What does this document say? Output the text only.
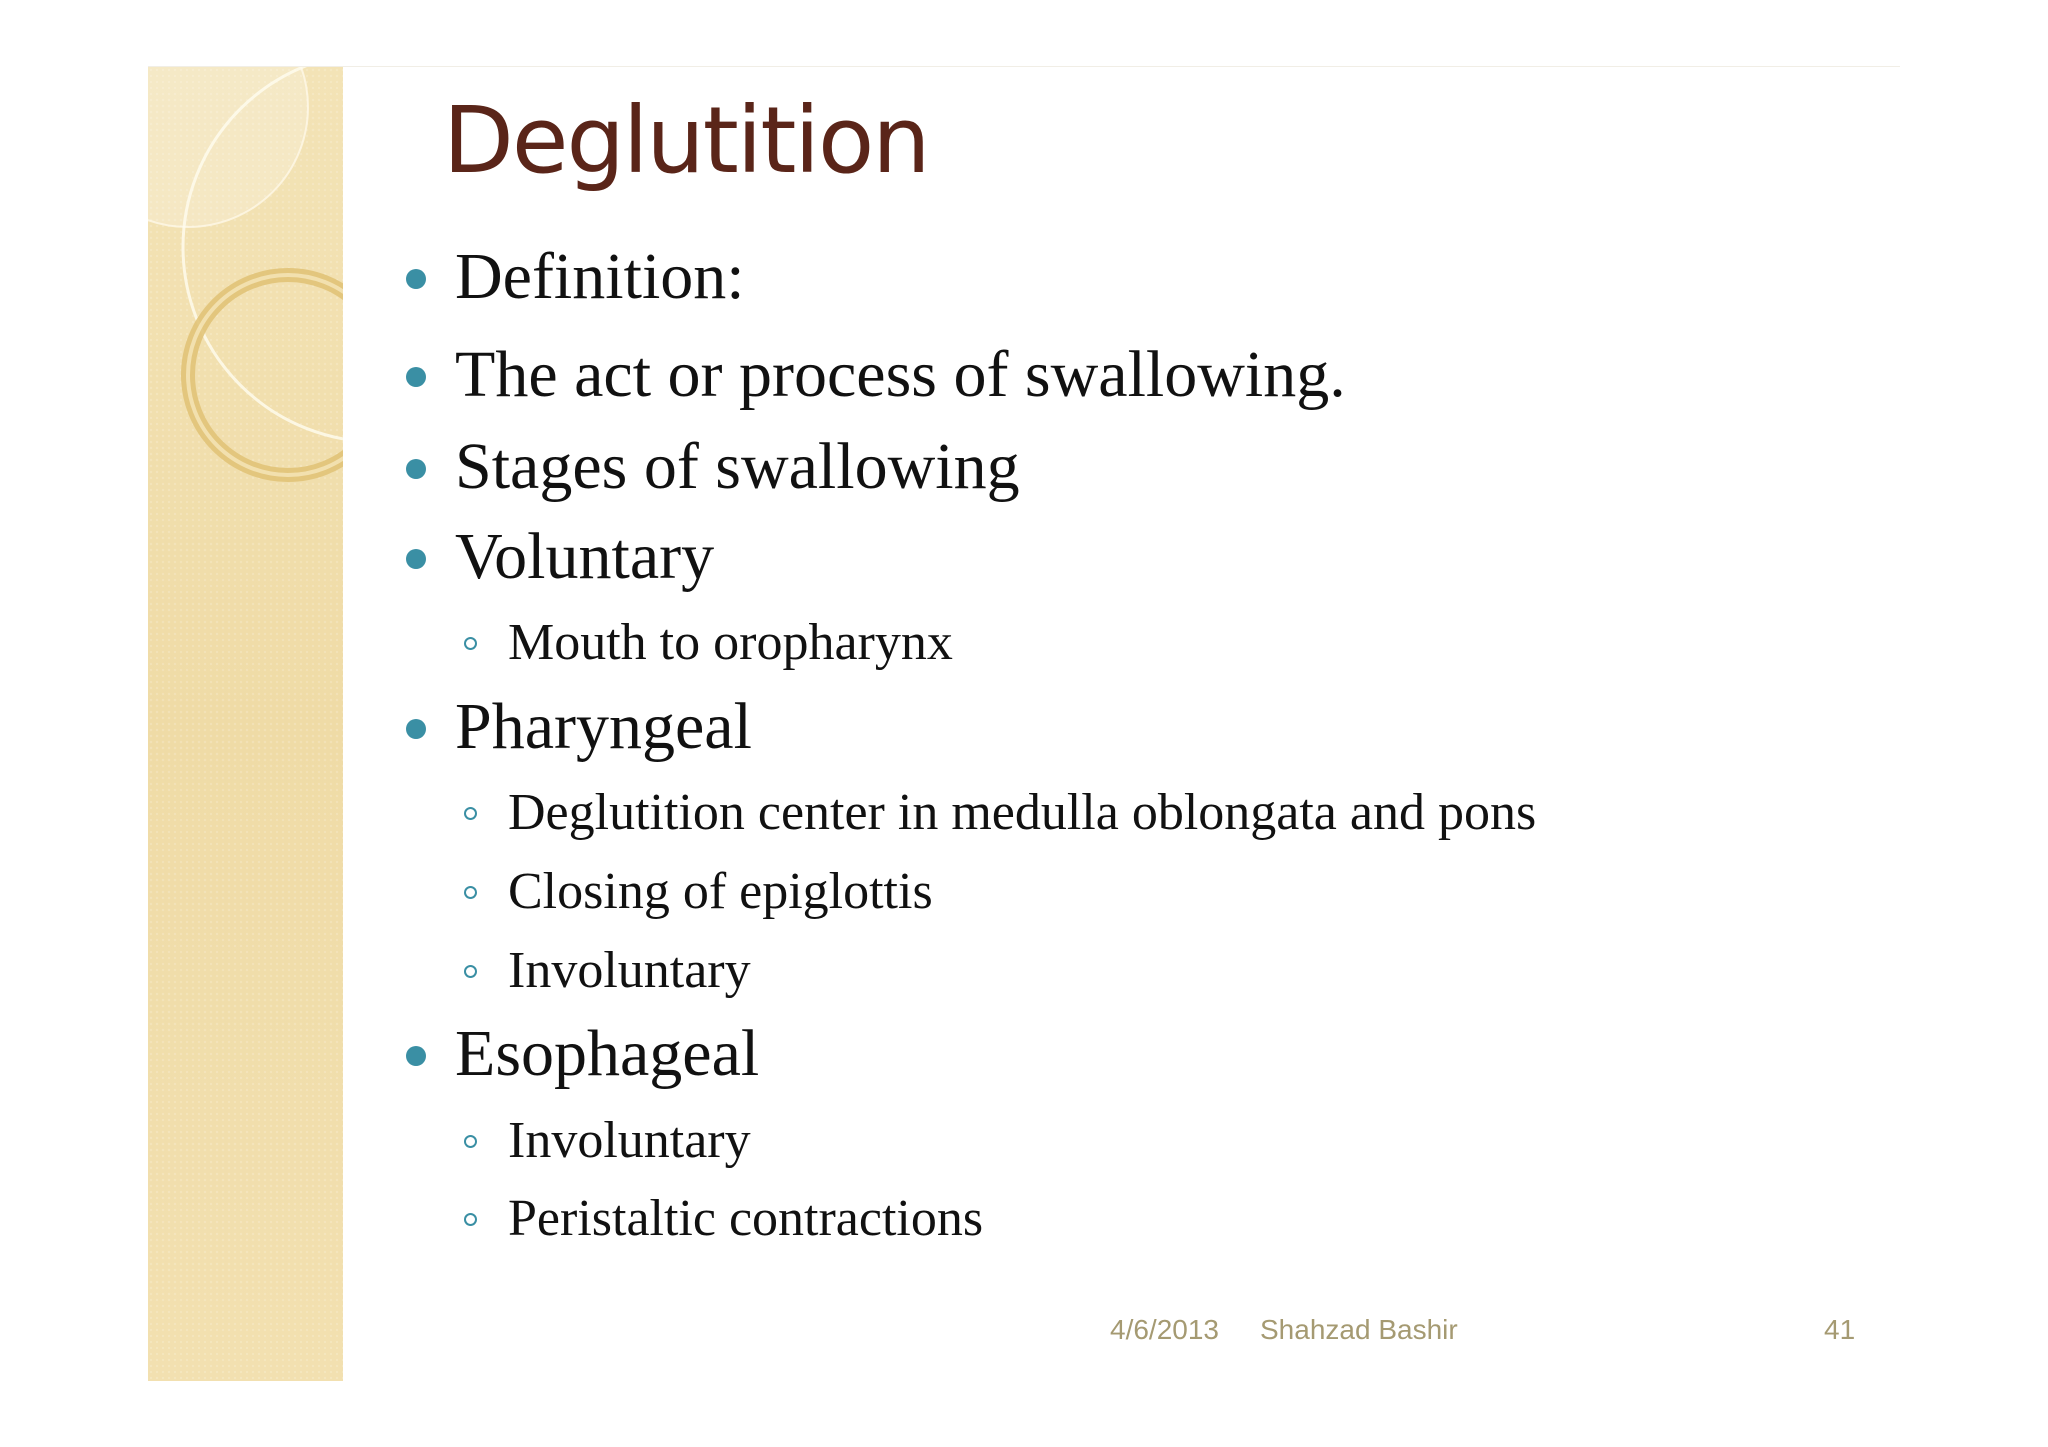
Deglutition
Definition:
The act or process of swallowing.
Stages of swallowing
Voluntary
Mouth to oropharynx
Pharyngeal
Deglutition center in medulla oblongata and pons
Closing of epiglottis
Involuntary
Esophageal
Involuntary
Peristaltic contractions
4/6/2013 Shahzad Bashir	41
